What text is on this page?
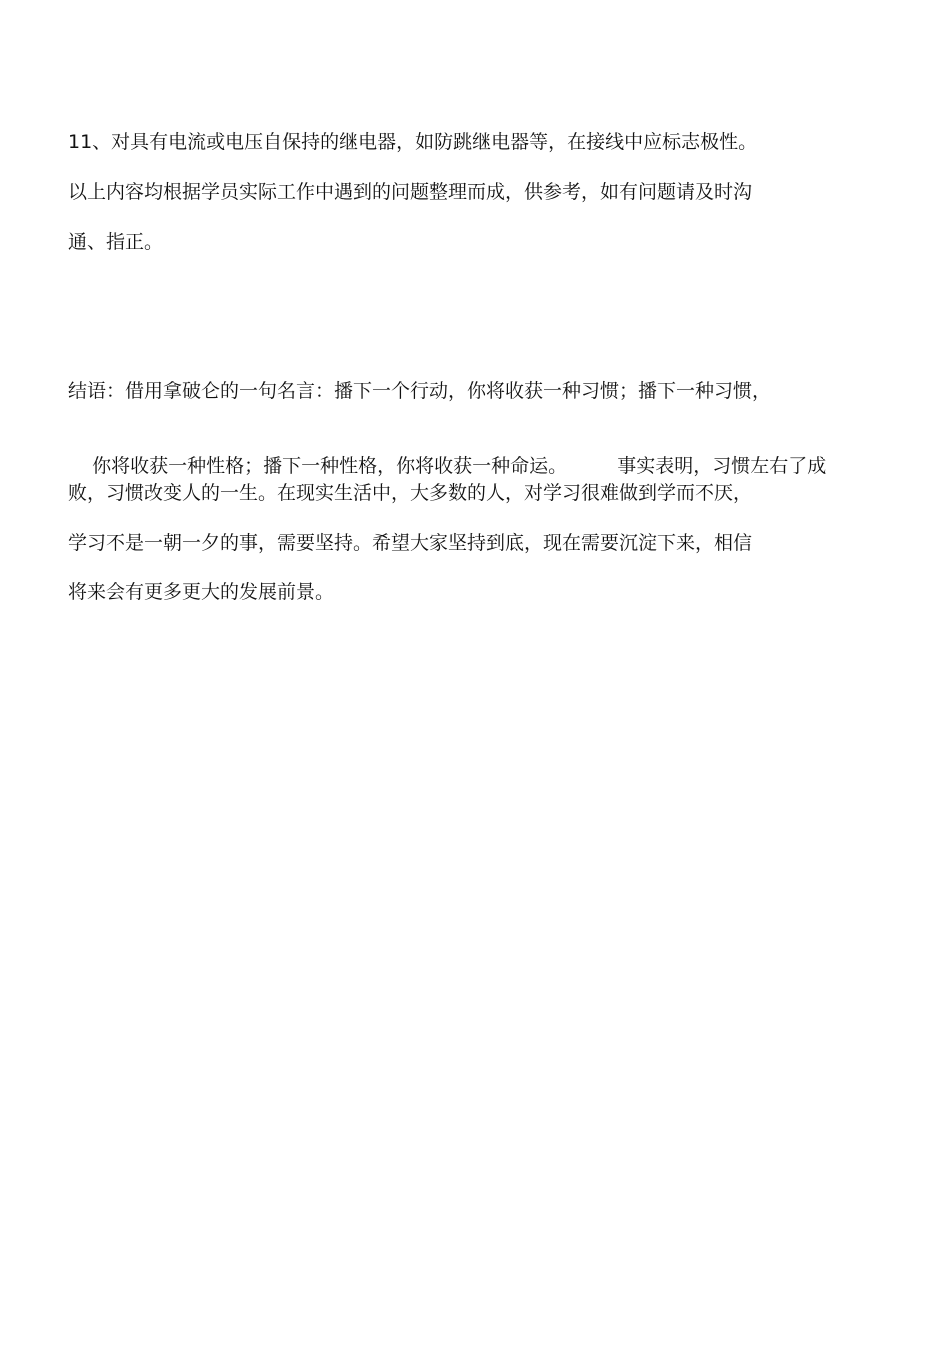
11、对具有电流或电压自保持的继电器，如防跳继电器等，在接线中应标志极性。
以上内容均根据学员实际工作中遇到的问题整理而成，供参考，如有问题请及时沟
通、指正。
结语：借用拿破仑的一句名言：播下一个行动，你将收获一种习惯；播下一种习惯，

你将收获一种性格；播下一种性格，你将收获一种命运。	事实表明，习惯左右了成

败，习惯改变人的一生。在现实生活中，大多数的人，对学习很难做到学而不厌，
学习不是一朝一夕的事，需要坚持。希望大家坚持到底，现在需要沉淀下来，相信
将来会有更多更大的发展前景。
